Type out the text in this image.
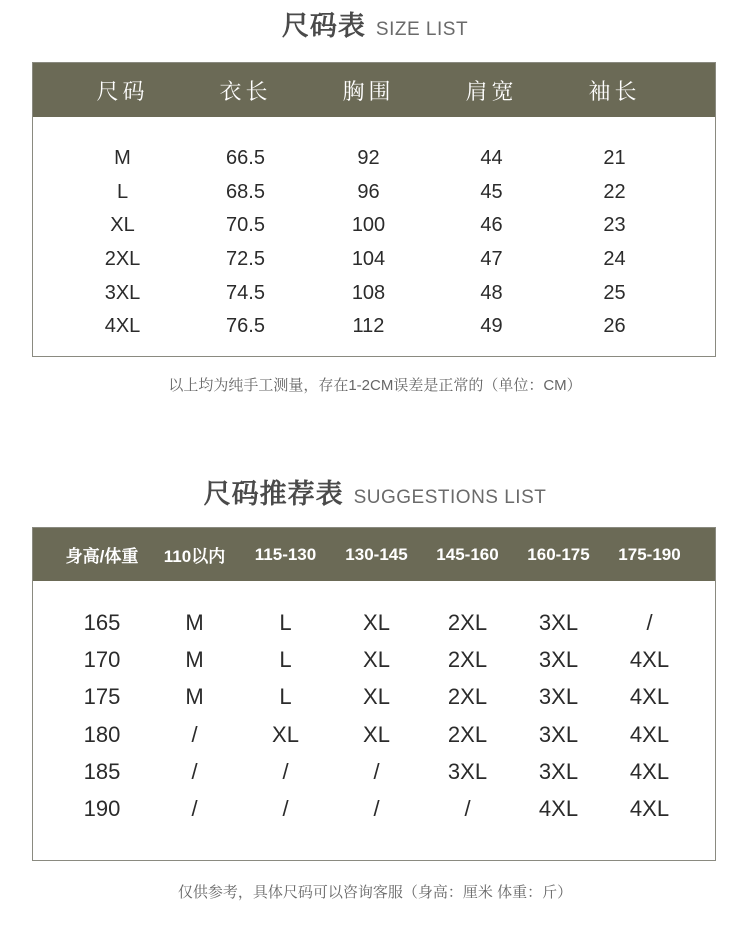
尺码表 SIZE LIST
尺码	衣长	胸围	肩宽	袖长
M	66.5	92	44	21
L	68.5	96	45	22
XL	70.5	100	46	23
2XL	72.5	104	47	24
3XL	74.5	108	48	25
4XL	76.5	112	49	26
以上均为纯手工测量，存在1-2CM误差是正常的（单位：CM）
尺码推荐表 SUGGESTIONS LIST
身高/体重	110以内	115-130	130-145	145-160	160-175	175-190
165	M	L	XL	2XL	3XL	/
170	M	L	XL	2XL	3XL	4XL
175	M	L	XL	2XL	3XL	4XL
180	/	XL	XL	2XL	3XL	4XL
185	/	/	/	3XL	3XL	4XL
190	/	/	/	/	4XL	4XL
仅供参考，具体尺码可以咨询客服（身高：厘米 体重：斤）
